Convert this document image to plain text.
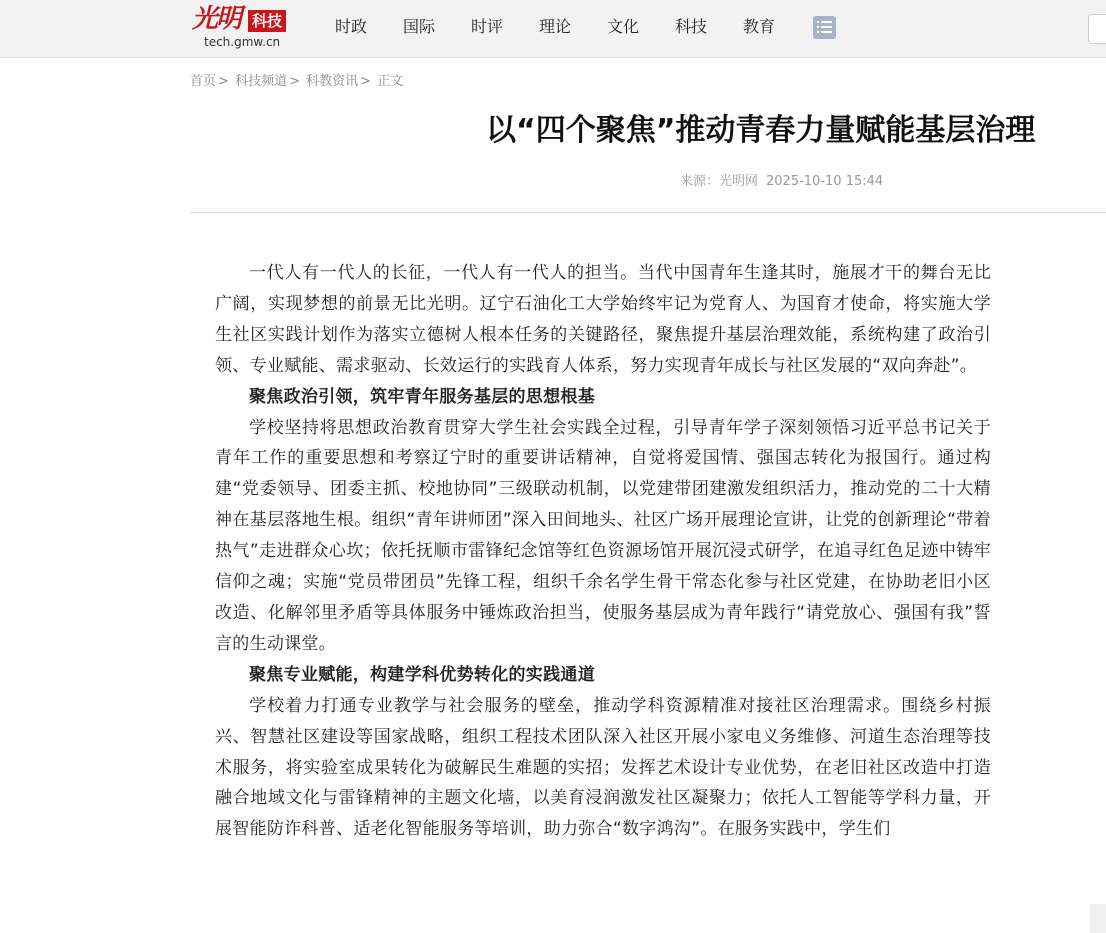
光明 科技
tech.gmw.cn
时政 国际 时评 理论 文化 科技 教育
首页 > 科技频道 > 科教资讯 > 正文
以“四个聚焦”推动青春力量赋能基层治理
来源：光明网 2025-10-10 15:44

一代人有一代人的长征，一代人有一代人的担当。当代中国青年生逢其时，施展才干的舞台无比广阔，实现梦想的前景无比光明。辽宁石油化工大学始终牢记为党育人、为国育才使命，将实施大学生社区实践计划作为落实立德树人根本任务的关键路径，聚焦提升基层治理效能，系统构建了政治引领、专业赋能、需求驱动、长效运行的实践育人体系，努力实现青年成长与社区发展的“双向奔赴”。

聚焦政治引领，筑牢青年服务基层的思想根基

学校坚持将思想政治教育贯穿大学生社会实践全过程，引导青年学子深刻领悟习近平总书记关于青年工作的重要思想和考察辽宁时的重要讲话精神，自觉将爱国情、强国志转化为报国行。通过构建“党委领导、团委主抓、校地协同”三级联动机制，以党建带团建激发组织活力，推动党的二十大精神在基层落地生根。组织“青年讲师团”深入田间地头、社区广场开展理论宣讲，让党的创新理论“带着热气”走进群众心坎；依托抚顺市雷锋纪念馆等红色资源场馆开展沉浸式研学，在追寻红色足迹中铸牢信仰之魂；实施“党员带团员”先锋工程，组织千余名学生骨干常态化参与社区党建，在协助老旧小区改造、化解邻里矛盾等具体服务中锤炼政治担当，使服务基层成为青年践行“请党放心、强国有我”誓言的生动课堂。

聚焦专业赋能，构建学科优势转化的实践通道

学校着力打通专业教学与社会服务的壁垒，推动学科资源精准对接社区治理需求。围绕乡村振兴、智慧社区建设等国家战略，组织工程技术团队深入社区开展小家电义务维修、河道生态治理等技术服务，将实验室成果转化为破解民生难题的实招；发挥艺术设计专业优势，在老旧社区改造中打造融合地域文化与雷锋精神的主题文化墙，以美育浸润激发社区凝聚力；依托人工智能等学科力量，开展智能防诈科普、适老化智能服务等培训，助力弥合“数字鸿沟”。在服务实践中，学生们
